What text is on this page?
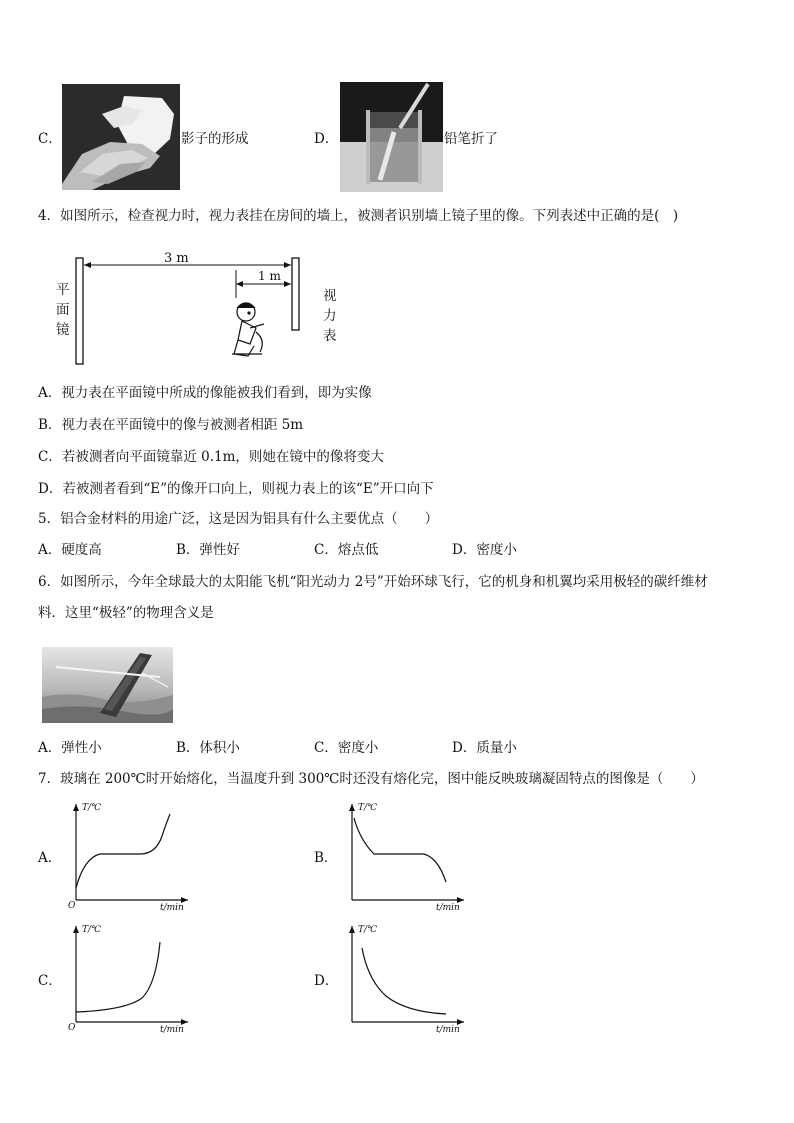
C．	影子的形成	D．	铅笔折了
4．如图所示，检查视力时，视力表挂在房间的墙上，被测者识别墙上镜子里的像。下列表述中正确的是(　)
3 m
1 m
平
面
镜
视
力
表
A．视力表在平面镜中所成的像能被我们看到，即为实像
B．视力表在平面镜中的像与被测者相距 5m
C．若被测者向平面镜靠近 0.1m，则她在镜中的像将变大
D．若被测者看到“E”的像开口向上，则视力表上的该“E”开口向下
5．铝合金材料的用途广泛，这是因为铝具有什么主要优点（　　）
A．硬度高	B．弹性好	C．熔点低	D．密度小
6．如图所示，今年全球最大的太阳能飞机“阳光动力 2号”开始环球飞行，它的机身和机翼均采用极轻的碳纤维材
料．这里“极轻”的物理含义是
A．弹性小	B．体积小	C．密度小	D．质量小
7．玻璃在 200℃时开始熔化，当温度升到 300℃时还没有熔化完，图中能反映玻璃凝固特点的图像是（　　）
A．
T/℃
t/min
O
B．
T/℃
t/min
C．
T/℃
t/min
O
D．
T/℃
t/min
